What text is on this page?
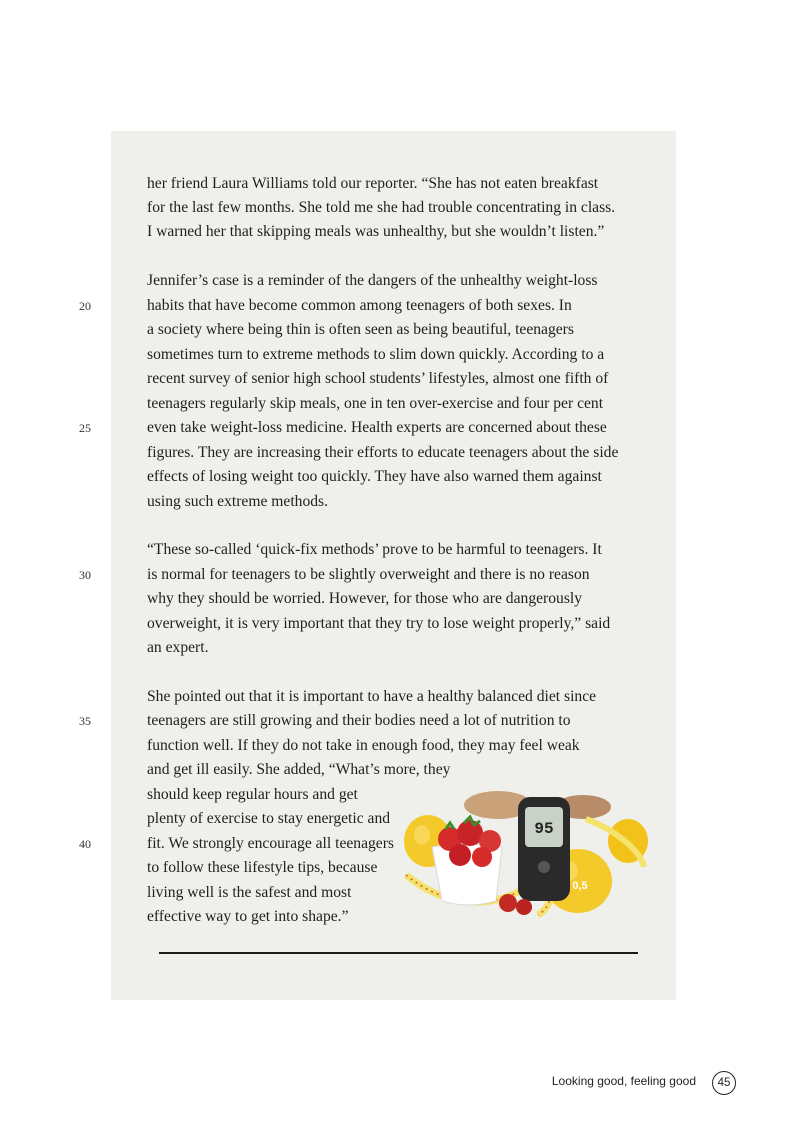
her friend Laura Williams told our reporter. “She has not eaten breakfast
for the last few months. She told me she had trouble concentrating in class.
I warned her that skipping meals was unhealthy, but she wouldn’t listen.”
Jennifer’s case is a reminder of the dangers of the unhealthy weight-loss
habits that have become common among teenagers of both sexes. In
a society where being thin is often seen as being beautiful, teenagers
sometimes turn to extreme methods to slim down quickly. According to a
recent survey of senior high school students’ lifestyles, almost one fifth of
teenagers regularly skip meals, one in ten over-exercise and four per cent
even take weight-loss medicine. Health experts are concerned about these
figures. They are increasing their efforts to educate teenagers about the side
effects of losing weight too quickly. They have also warned them against
using such extreme methods.
“These so-called ‘quick-fix methods’ prove to be harmful to teenagers. It
is normal for teenagers to be slightly overweight and there is no reason
why they should be worried. However, for those who are dangerously
overweight, it is very important that they try to lose weight properly,” said
an expert.
She pointed out that it is important to have a healthy balanced diet since
teenagers are still growing and their bodies need a lot of nutrition to
function well. If they do not take in enough food, they may feel weak
and get ill easily. She added, “What’s more, they
should keep regular hours and get
plenty of exercise to stay energetic and
fit. We strongly encourage all teenagers
to follow these lifestyle tips, because
living well is the safest and most
effective way to get into shape.”
20
25
30
35
40
0,5
95
Looking good, feeling good	45
